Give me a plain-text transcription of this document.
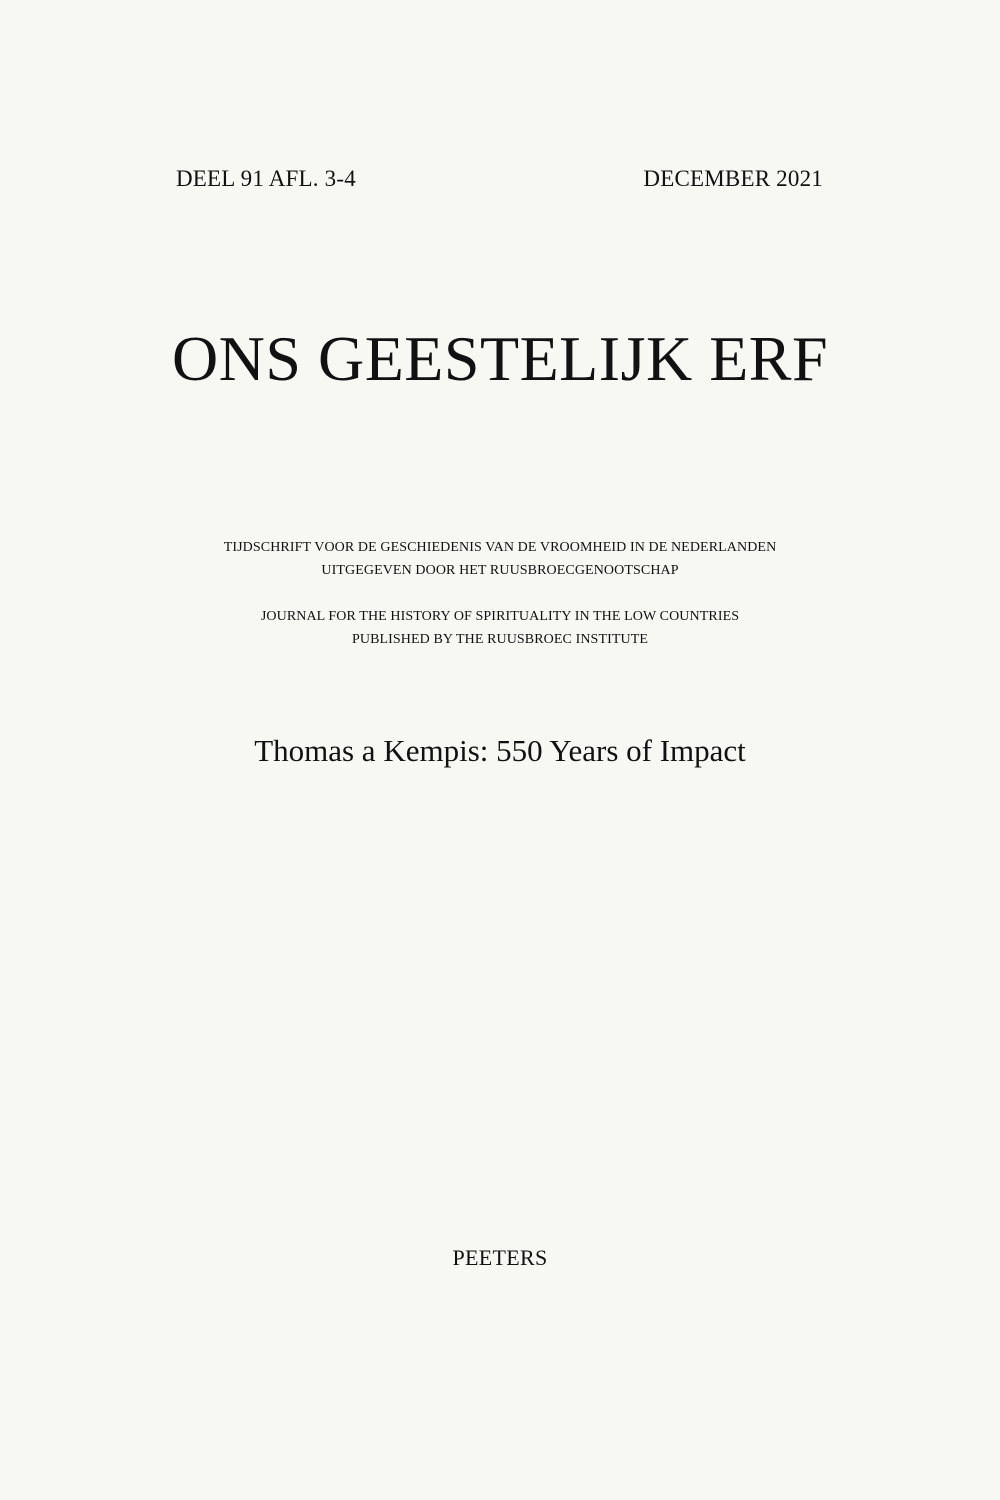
DEEL 91 AFL. 3-4	DECEMBER 2021
ONS GEESTELIJK ERF
TIJDSCHRIFT VOOR DE GESCHIEDENIS VAN DE VROOMHEID IN DE NEDERLANDEN
UITGEGEVEN DOOR HET RUUSBROECGENOOTSCHAP
JOURNAL FOR THE HISTORY OF SPIRITUALITY IN THE LOW COUNTRIES
PUBLISHED BY THE RUUSBROEC INSTITUTE
Thomas a Kempis: 550 Years of Impact
PEETERS
